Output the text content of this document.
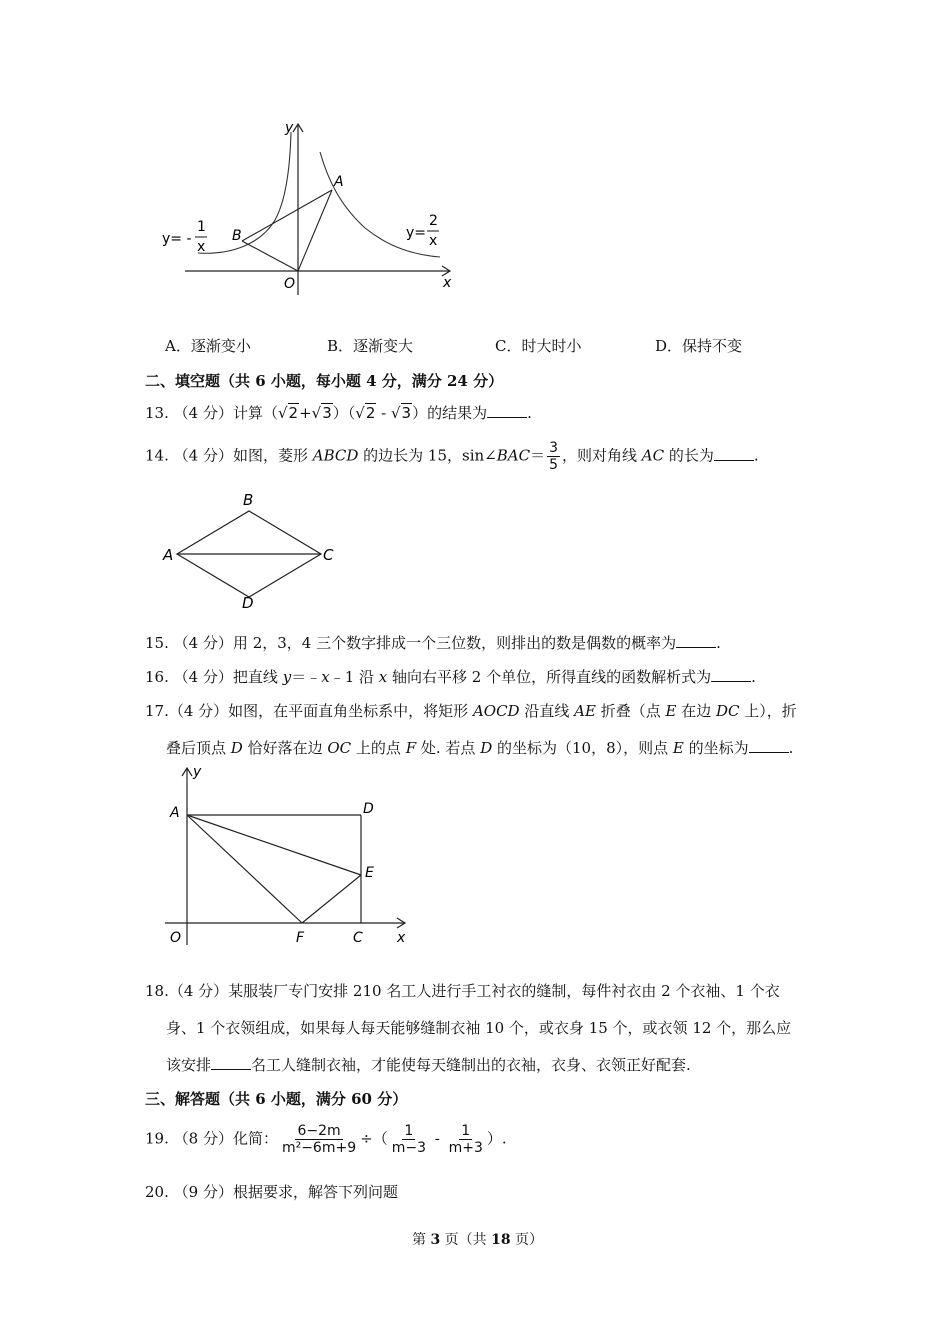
y
x
O
A
B
y= -
1
x
y=
2
x
A．逐渐变小	B．逐渐变大	C．时大时小	D．保持不变
二、填空题（共 6 小题，每小题 4 分，满分 24 分）
13. （4 分）计算（√2+√3）（√2 - √3）的结果为	.
14. （4 分）如图，菱形 ABCD 的边长为 15，sin∠BAC＝ $\frac{3}{5}$ ，则对角线 AC 的长为	.
A
B
C
D
15. （4 分）用 2，3，4 三个数字排成一个三位数，则排出的数是偶数的概率为	.
16. （4 分）把直线 y＝﹣x﹣1 沿 x 轴向右平移 2 个单位，所得直线的函数解析式为	.
17.（4 分）如图，在平面直角坐标系中，将矩形 AOCD 沿直线 AE 折叠（点 E 在边 DC 上），折
叠后顶点 D 恰好落在边 OC 上的点 F 处. 若点 D 的坐标为（10，8），则点 E 的坐标为	.
y
x
A	D
E
O	F	C
18.（4 分）某服装厂专门安排 210 名工人进行手工衬衣的缝制，每件衬衣由 2 个衣袖、1 个衣
身、1 个衣领组成，如果每人每天能够缝制衣袖 10 个，或衣身 15 个，或衣领 12 个，那么应
该安排	名工人缝制衣袖，才能使每天缝制出的衣袖，衣身、衣领正好配套.
三、解答题（共 6 小题，满分 60 分）
19. （8 分）化简： $\frac{6-2m}{\text{m²−6m+9}}$ ÷（ $\frac{1}{m-3} - \frac{1}{m+3}$ ）.
20. （9 分）根据要求，解答下列问题
第 3 页（共 18 页）
